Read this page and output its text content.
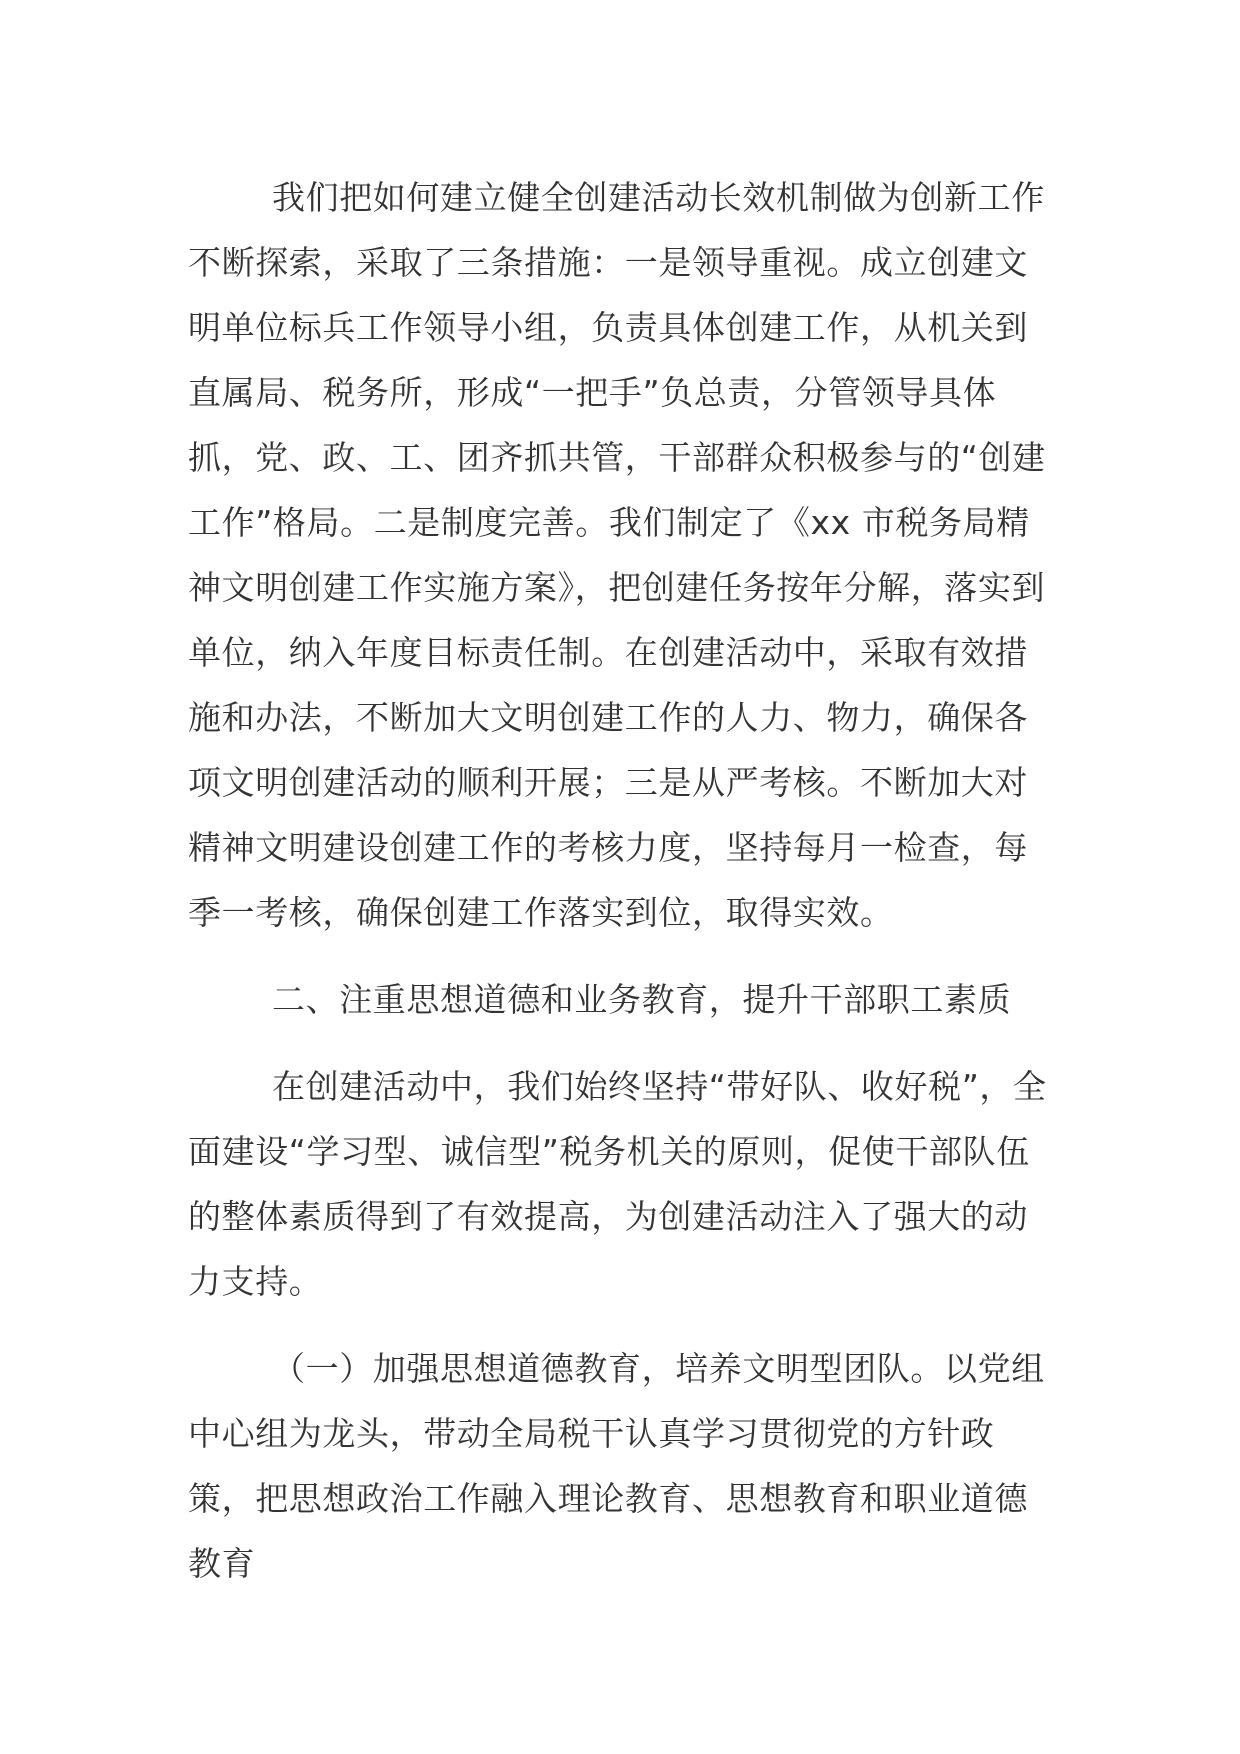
我们把如何建立健全创建活动长效机制做为创新工作不断探索，采取了三条措施：一是领导重视。成立创建文明单位标兵工作领导小组，负责具体创建工作，从机关到直属局、税务所，形成“一把手”负总责，分管领导具体抓，党、政、工、团齐抓共管，干部群众积极参与的“创建工作”格局。二是制度完善。我们制定了《xx 市税务局精神文明创建工作实施方案》，把创建任务按年分解，落实到单位，纳入年度目标责任制。在创建活动中，采取有效措施和办法，不断加大文明创建工作的人力、物力，确保各项文明创建活动的顺利开展；三是从严考核。不断加大对精神文明建设创建工作的考核力度，坚持每月一检查，每季一考核，确保创建工作落实到位，取得实效。

二、注重思想道德和业务教育，提升干部职工素质

在创建活动中，我们始终坚持“带好队、收好税”，全面建设“学习型、诚信型”税务机关的原则，促使干部队伍的整体素质得到了有效提高，为创建活动注入了强大的动力支持。

（一）加强思想道德教育，培养文明型团队。以党组中心组为龙头，带动全局税干认真学习贯彻党的方针政策，把思想政治工作融入理论教育、思想教育和职业道德教育
